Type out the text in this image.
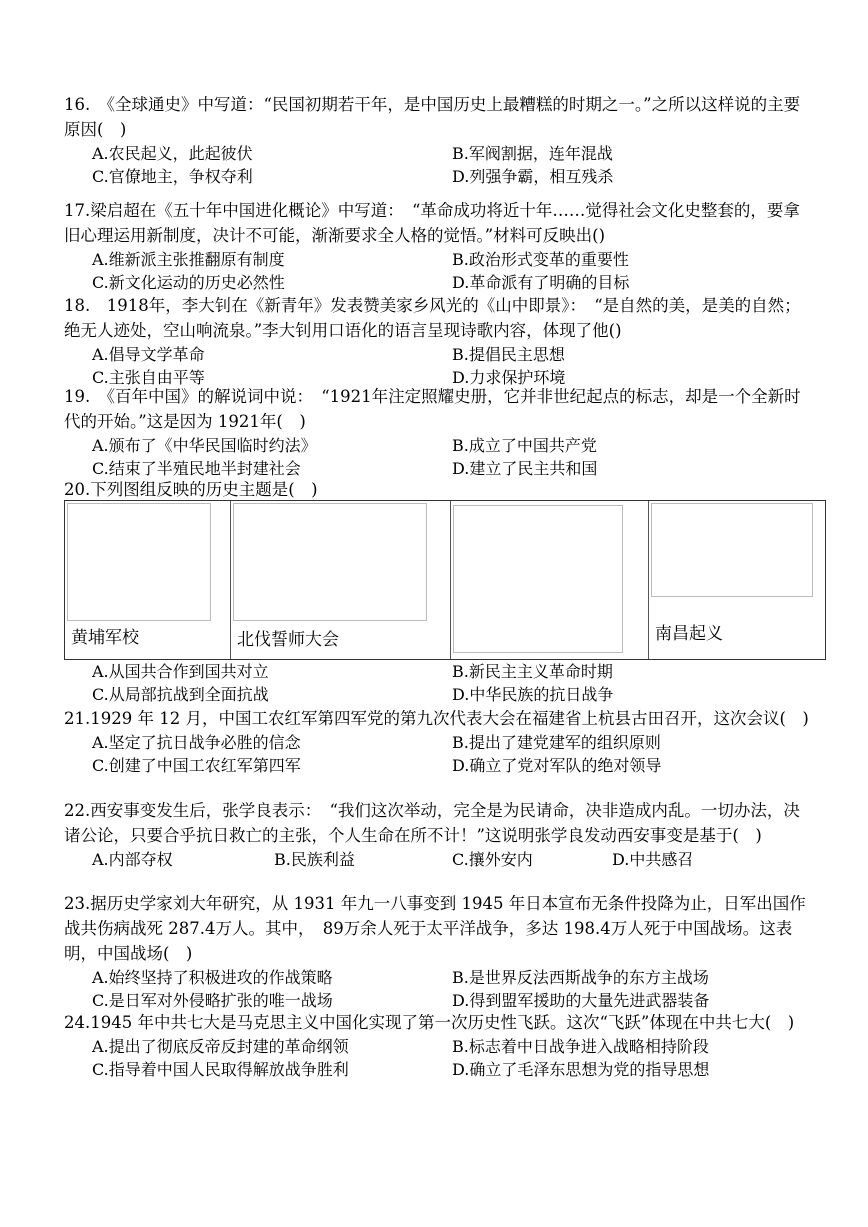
16.　《全球通史》中写道：“民国初期若干年，是中国历史上最糟糕的时期之一。”之所以这样说的主要原因(　)

A.农民起义，此起彼伏	B.军阀割据，连年混战
C.官僚地主，争权夺利	D.列强争霸，相互残杀

17.梁启超在《五十年中国进化概论》中写道：　“革命成功将近十年……觉得社会文化史整套的，要拿旧心理运用新制度，决计不可能，渐渐要求全人格的觉悟。”材料可反映出()

A.维新派主张推翻原有制度	B.政治形式变革的重要性
C.新文化运动的历史必然性	D.革命派有了明确的目标

18.　1918年，李大钊在《新青年》发表赞美家乡风光的《山中即景》：　“是自然的美，是美的自然；绝无人迹处，空山响流泉。”李大钊用口语化的语言呈现诗歌内容，体现了他()

A.倡导文学革命	B.提倡民主思想
C.主张自由平等	D.力求保护环境

19.　《百年中国》的解说词中说：　“1921年注定照耀史册，它并非世纪起点的标志，却是一个全新时代的开始。”这是因为 1921年(　)

A.颁布了《中华民国临时约法》	B.成立了中国共产党
C.结束了半殖民地半封建社会	D.建立了民主共和国

20.下列图组反映的历史主题是(　)

黄埔军校	北伐誓师大会	南昌起义
A.从国共合作到国共对立	B.新民主主义革命时期
C.从局部抗战到全面抗战	D.中华民族的抗日战争

21.1929 年 12 月，中国工农红军第四军党的第九次代表大会在福建省上杭县古田召开，这次会议(　)

A.坚定了抗日战争必胜的信念	B.提出了建党建军的组织原则
C.创建了中国工农红军第四军	D.确立了党对军队的绝对领导

22.西安事变发生后，张学良表示：　“我们这次举动，完全是为民请命，决非造成内乱。一切办法，决诸公论，只要合乎抗日救亡的主张，个人生命在所不计！”这说明张学良发动西安事变是基于(　)

A.内部夺权	B.民族利益	C.攘外安内	D.中共感召

23.据历史学家刘大年研究，从 1931 年九一八事变到 1945 年日本宣布无条件投降为止，日军出国作战共伤病战死 287.4万人。其中，　89万余人死于太平洋战争，多达 198.4万人死于中国战场。这表明，中国战场(　)

A.始终坚持了积极进攻的作战策略	B.是世界反法西斯战争的东方主战场
C.是日军对外侵略扩张的唯一战场	D.得到盟军援助的大量先进武器装备

24.1945 年中共七大是马克思主义中国化实现了第一次历史性飞跃。这次“飞跃”体现在中共七大(　)

A.提出了彻底反帝反封建的革命纲领	B.标志着中日战争进入战略相持阶段
C.指导着中国人民取得解放战争胜利	D.确立了毛泽东思想为党的指导思想
